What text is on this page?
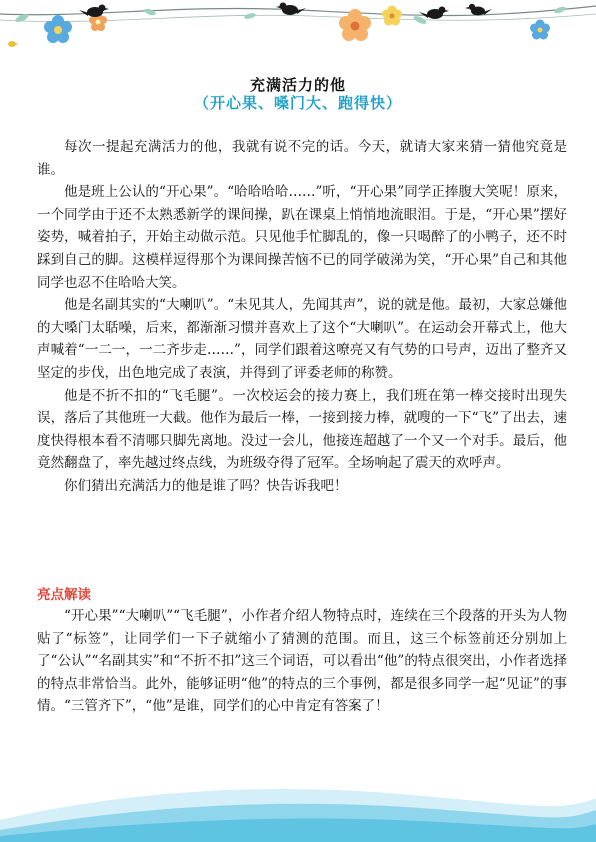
充满活力的他
（开心果、嗓门大、跑得快）

每次一提起充满活力的他，我就有说不完的话。今天，就请大家来猜一猜他究竟是谁。

他是班上公认的“开心果”。“哈哈哈哈……”听，“开心果”同学正捧腹大笑呢！原来，一个同学由于还不太熟悉新学的课间操，趴在课桌上悄悄地流眼泪。于是，“开心果”摆好姿势，喊着拍子，开始主动做示范。只见他手忙脚乱的，像一只喝醉了的小鸭子，还不时踩到自己的脚。这模样逗得那个为课间操苦恼不已的同学破涕为笑，“开心果”自己和其他同学也忍不住哈哈大笑。

他是名副其实的“大喇叭”。“未见其人，先闻其声”，说的就是他。最初，大家总嫌他的大嗓门太聒噪，后来，都渐渐习惯并喜欢上了这个“大喇叭”。在运动会开幕式上，他大声喊着“一二一，一二齐步走……”，同学们跟着这嘹亮又有气势的口号声，迈出了整齐又坚定的步伐，出色地完成了表演，并得到了评委老师的称赞。

他是不折不扣的“飞毛腿”。一次校运会的接力赛上，我们班在第一棒交接时出现失误，落后了其他班一大截。他作为最后一棒，一接到接力棒，就嗖的一下“飞”了出去，速度快得根本看不清哪只脚先离地。没过一会儿，他接连超越了一个又一个对手。最后，他竟然翻盘了，率先越过终点线，为班级夺得了冠军。全场响起了震天的欢呼声。

你们猜出充满活力的他是谁了吗？快告诉我吧！

亮点解读

“开心果”“大喇叭”“飞毛腿”，小作者介绍人物特点时，连续在三个段落的开头为人物贴了“标签”，让同学们一下子就缩小了猜测的范围。而且，这三个标签前还分别加上了“公认”“名副其实”和“不折不扣”这三个词语，可以看出“他”的特点很突出，小作者选择的特点非常恰当。此外，能够证明“他”的特点的三个事例，都是很多同学一起“见证”的事情。“三管齐下”，“他”是谁，同学们的心中肯定有答案了！
